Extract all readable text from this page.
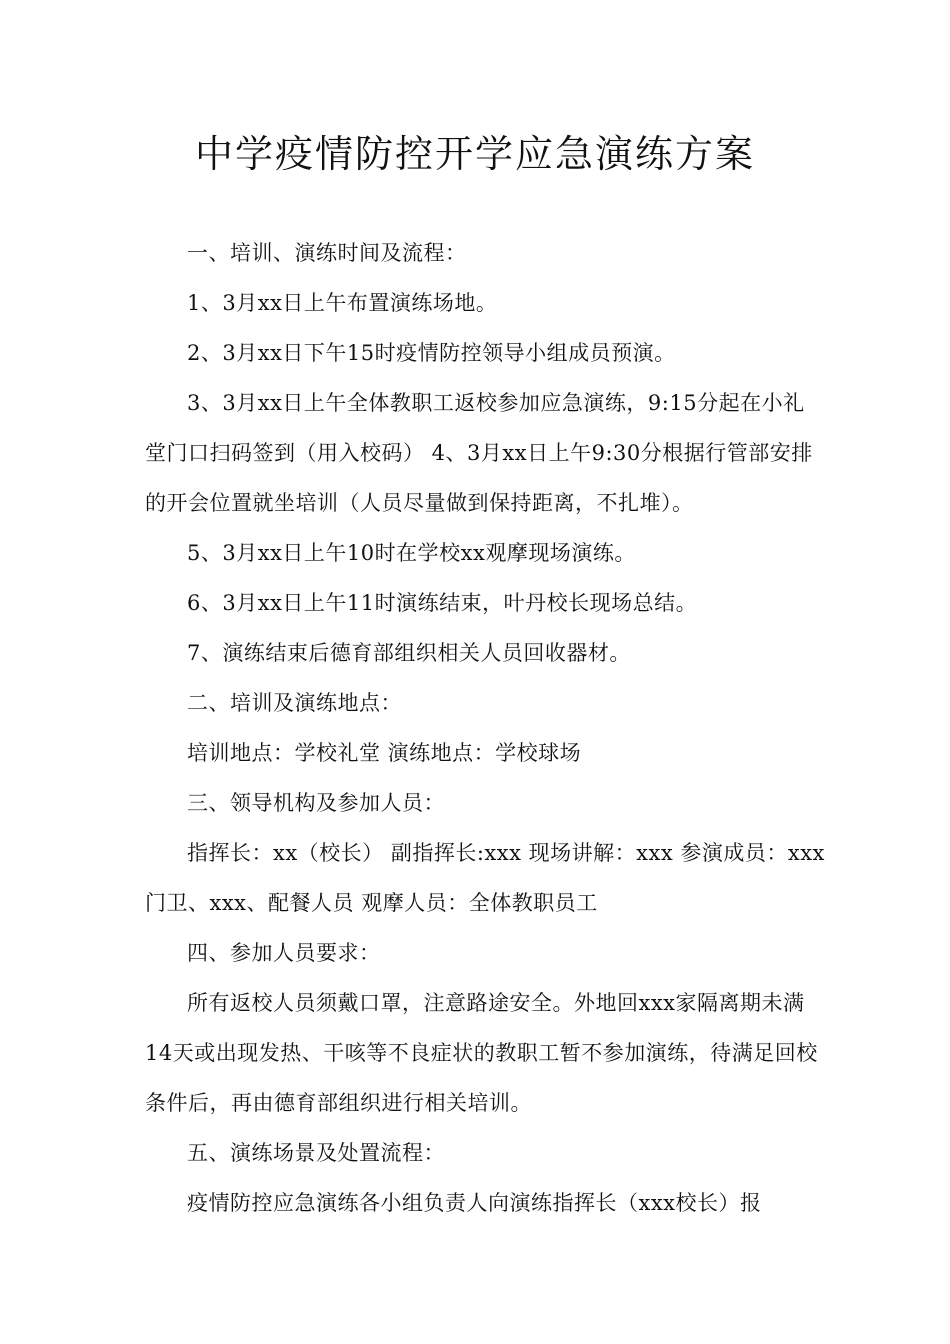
中学疫情防控开学应急演练方案

一、培训、演练时间及流程：

1、3月xx日上午布置演练场地。

2、3月xx日下午15时疫情防控领导小组成员预演。

3、3月xx日上午全体教职工返校参加应急演练，9:15分起在小礼堂门口扫码签到（用入校码） 4、3月xx日上午9:30分根据行管部安排的开会位置就坐培训（人员尽量做到保持距离，不扎堆）。

5、3月xx日上午10时在学校xx观摩现场演练。

6、3月xx日上午11时演练结束，叶丹校长现场总结。

7、演练结束后德育部组织相关人员回收器材。

二、培训及演练地点：

培训地点：学校礼堂 演练地点：学校球场

三、领导机构及参加人员：

指挥长：xx（校长） 副指挥长:xxx 现场讲解：xxx 参演成员：xxx门卫、xxx、配餐人员 观摩人员：全体教职员工

四、参加人员要求：

所有返校人员须戴口罩，注意路途安全。外地回xxx家隔离期未满14天或出现发热、干咳等不良症状的教职工暂不参加演练，待满足回校条件后，再由德育部组织进行相关培训。

五、演练场景及处置流程：

疫情防控应急演练各小组负责人向演练指挥长（xxx校长）报
